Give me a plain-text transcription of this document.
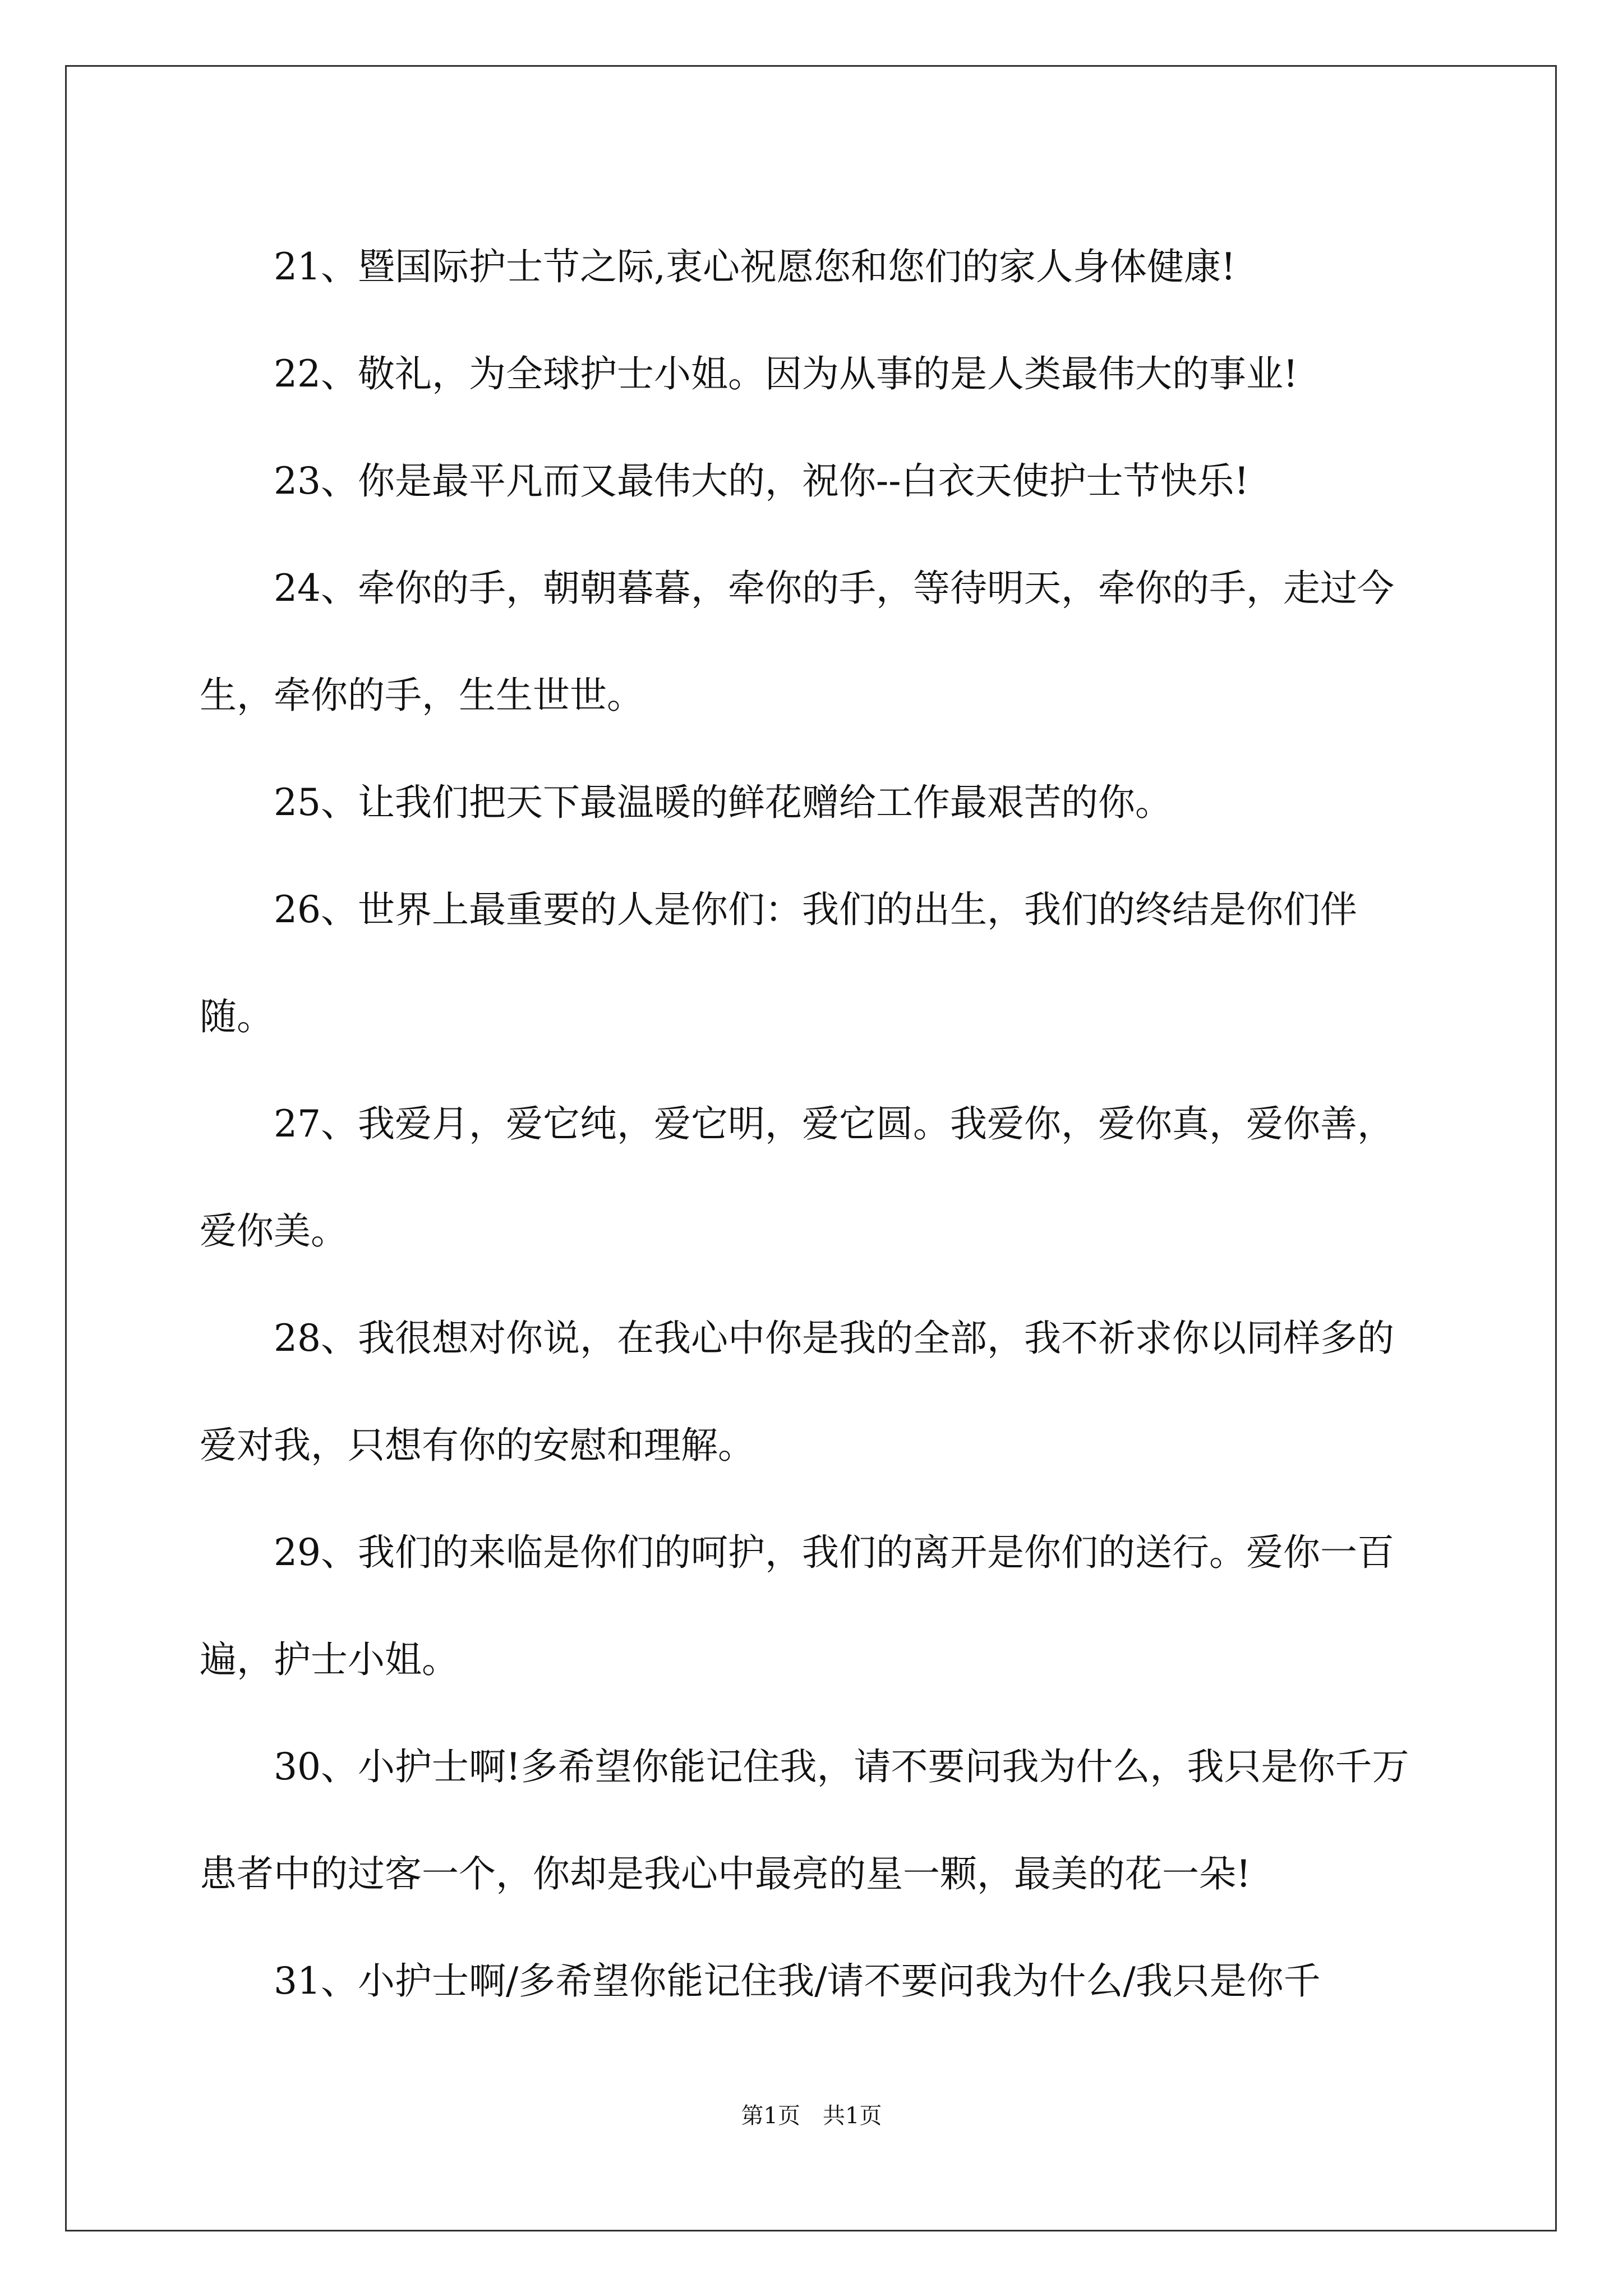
21、暨国际护士节之际,衷心祝愿您和您们的家人身体健康!

22、敬礼，为全球护士小姐。因为从事的是人类最伟大的事业!

23、你是最平凡而又最伟大的，祝你--白衣天使护士节快乐!

24、牵你的手，朝朝暮暮，牵你的手，等待明天，牵你的手，走过今生，牵你的手，生生世世。

25、让我们把天下最温暖的鲜花赠给工作最艰苦的你。

26、世界上最重要的人是你们：我们的出生，我们的终结是你们伴随。

27、我爱月，爱它纯，爱它明，爱它圆。我爱你，爱你真，爱你善，爱你美。

28、我很想对你说，在我心中你是我的全部，我不祈求你以同样多的爱对我，只想有你的安慰和理解。

29、我们的来临是你们的呵护，我们的离开是你们的送行。爱你一百遍，护士小姐。

30、小护士啊!多希望你能记住我，请不要问我为什么，我只是你千万患者中的过客一个，你却是我心中最亮的星一颗，最美的花一朵!

31、小护士啊/多希望你能记住我/请不要问我为什么/我只是你千

第1页　共1页
